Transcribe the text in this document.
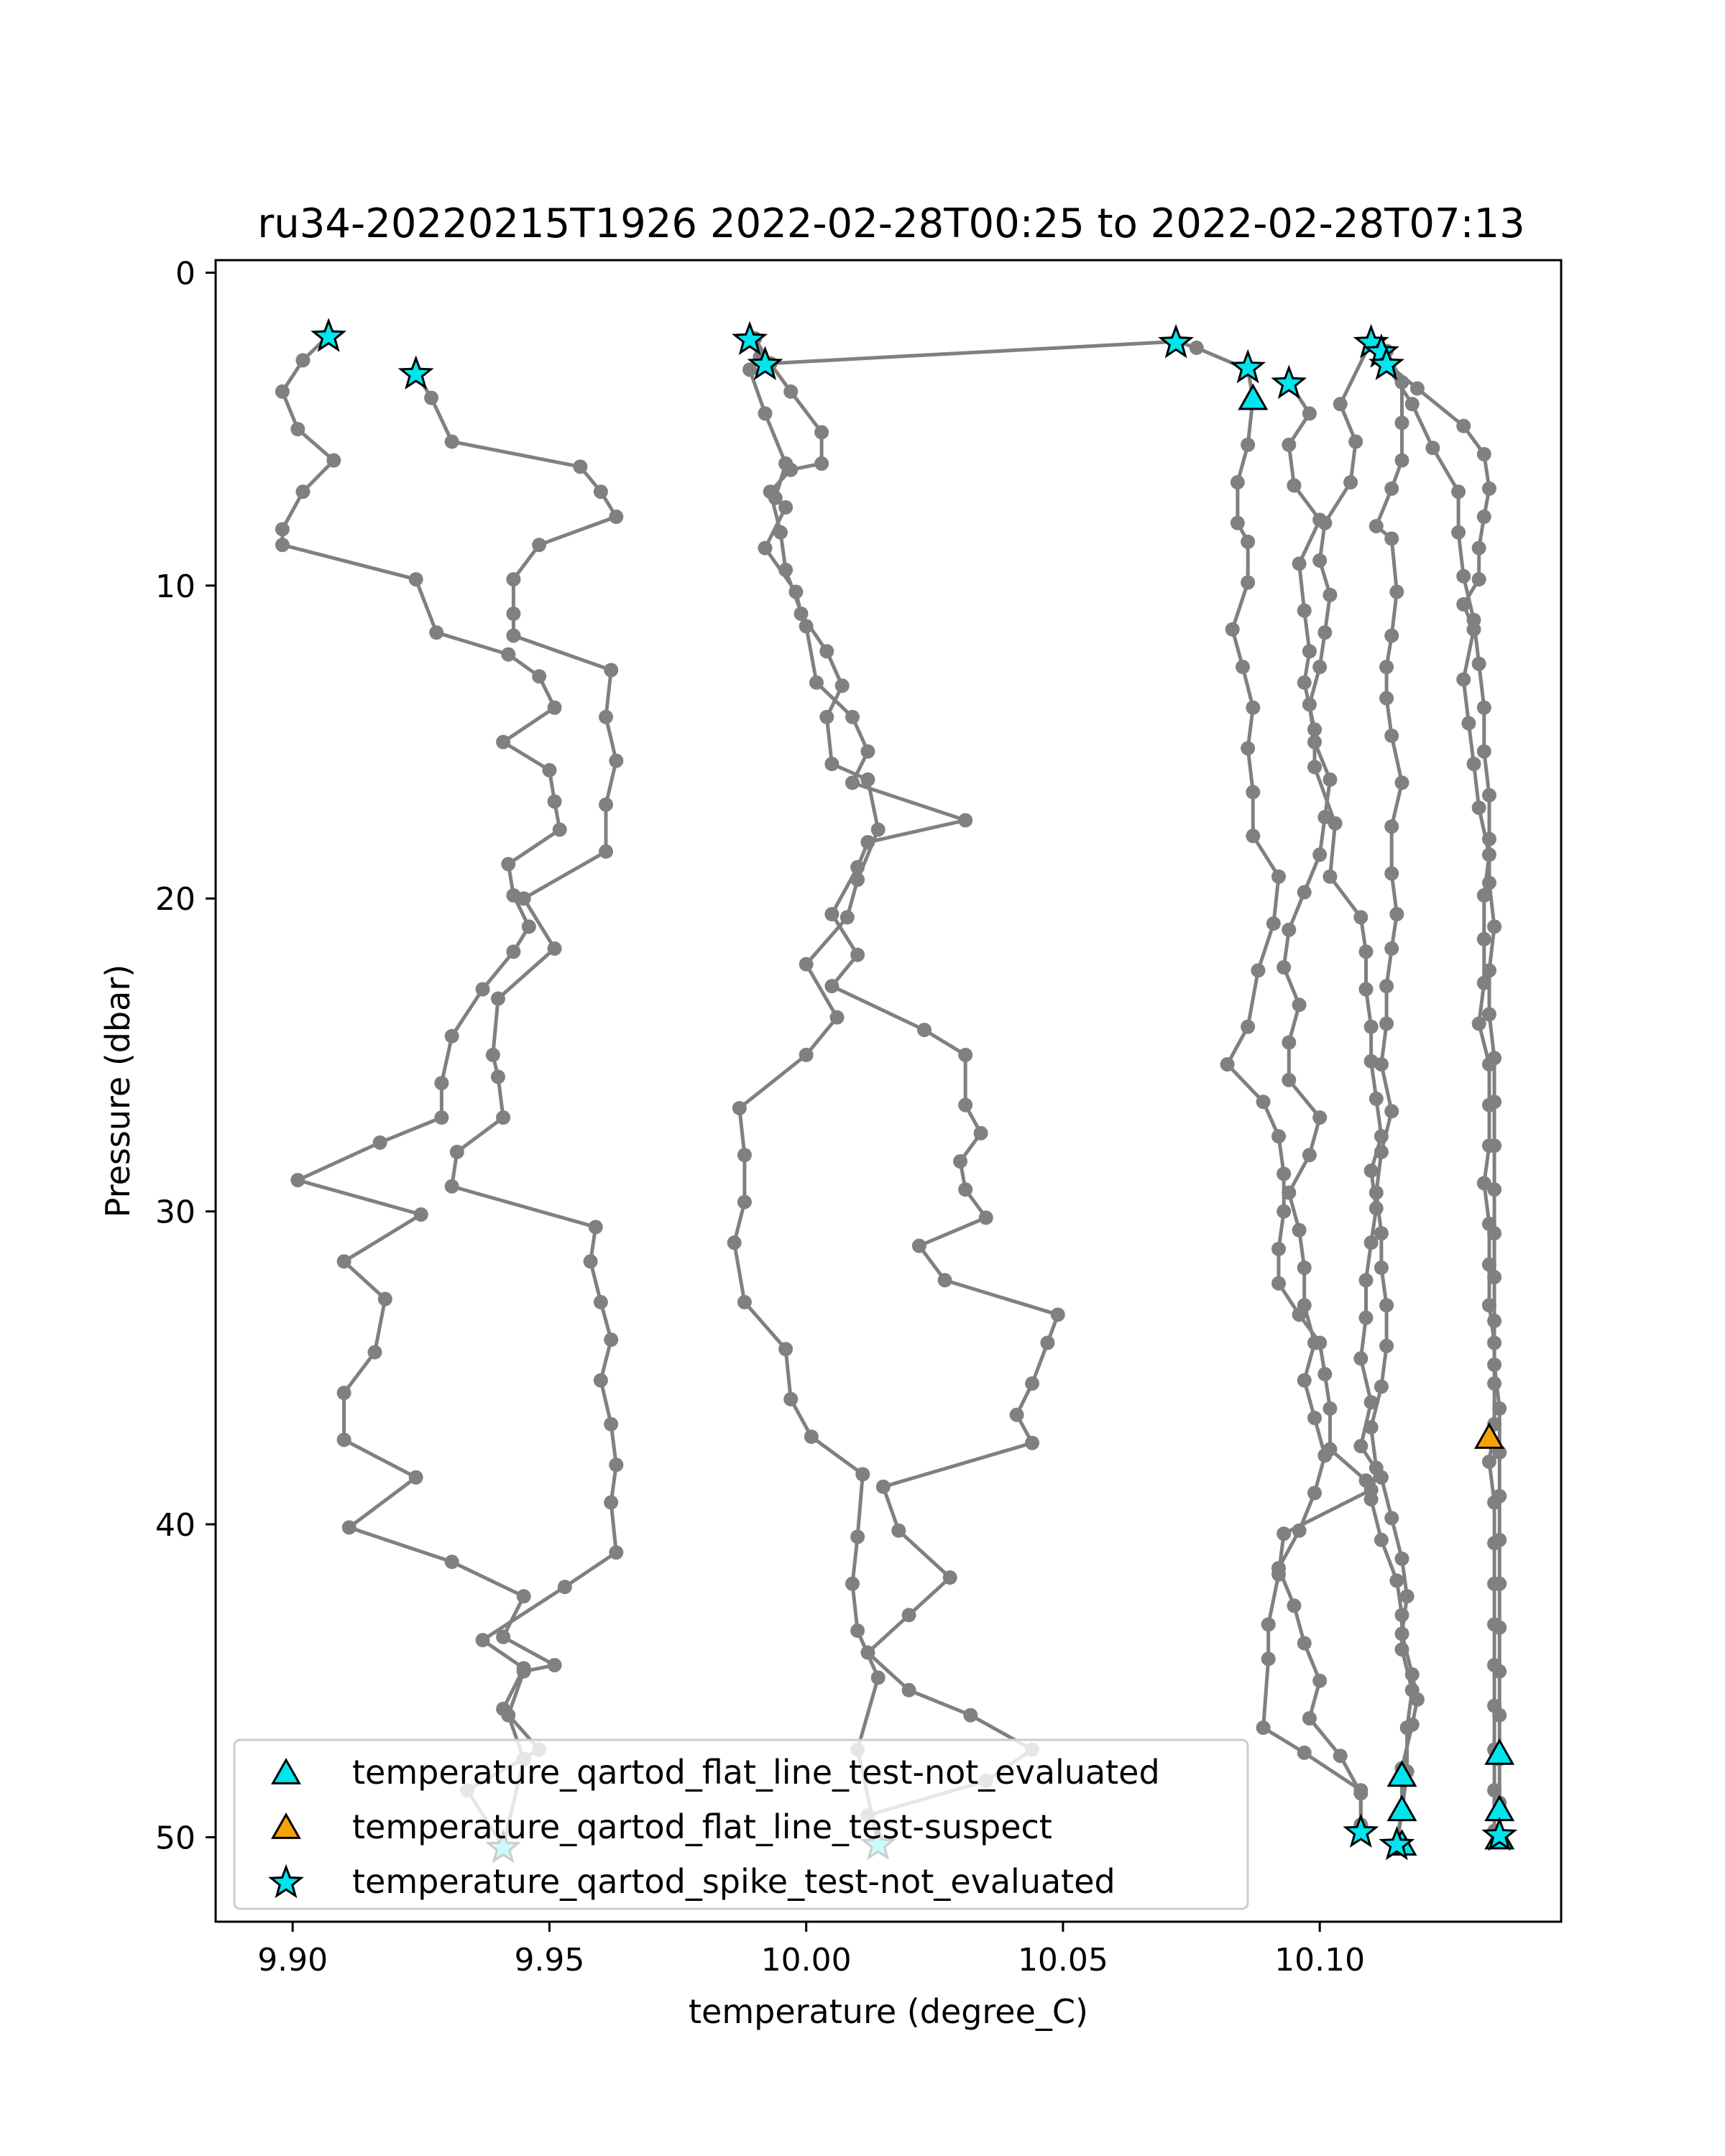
ru34-20220215T1926 2022-02-28T00:25 to 2022-02-28T07:13
9.90	9.95	10.00	10.05	10.10
0
10
20
30
40
50
temperature (degree_C)
Pressure (dbar)
temperature_qartod_flat_line_test-not_evaluated
temperature_qartod_flat_line_test-suspect
temperature_qartod_spike_test-not_evaluated
